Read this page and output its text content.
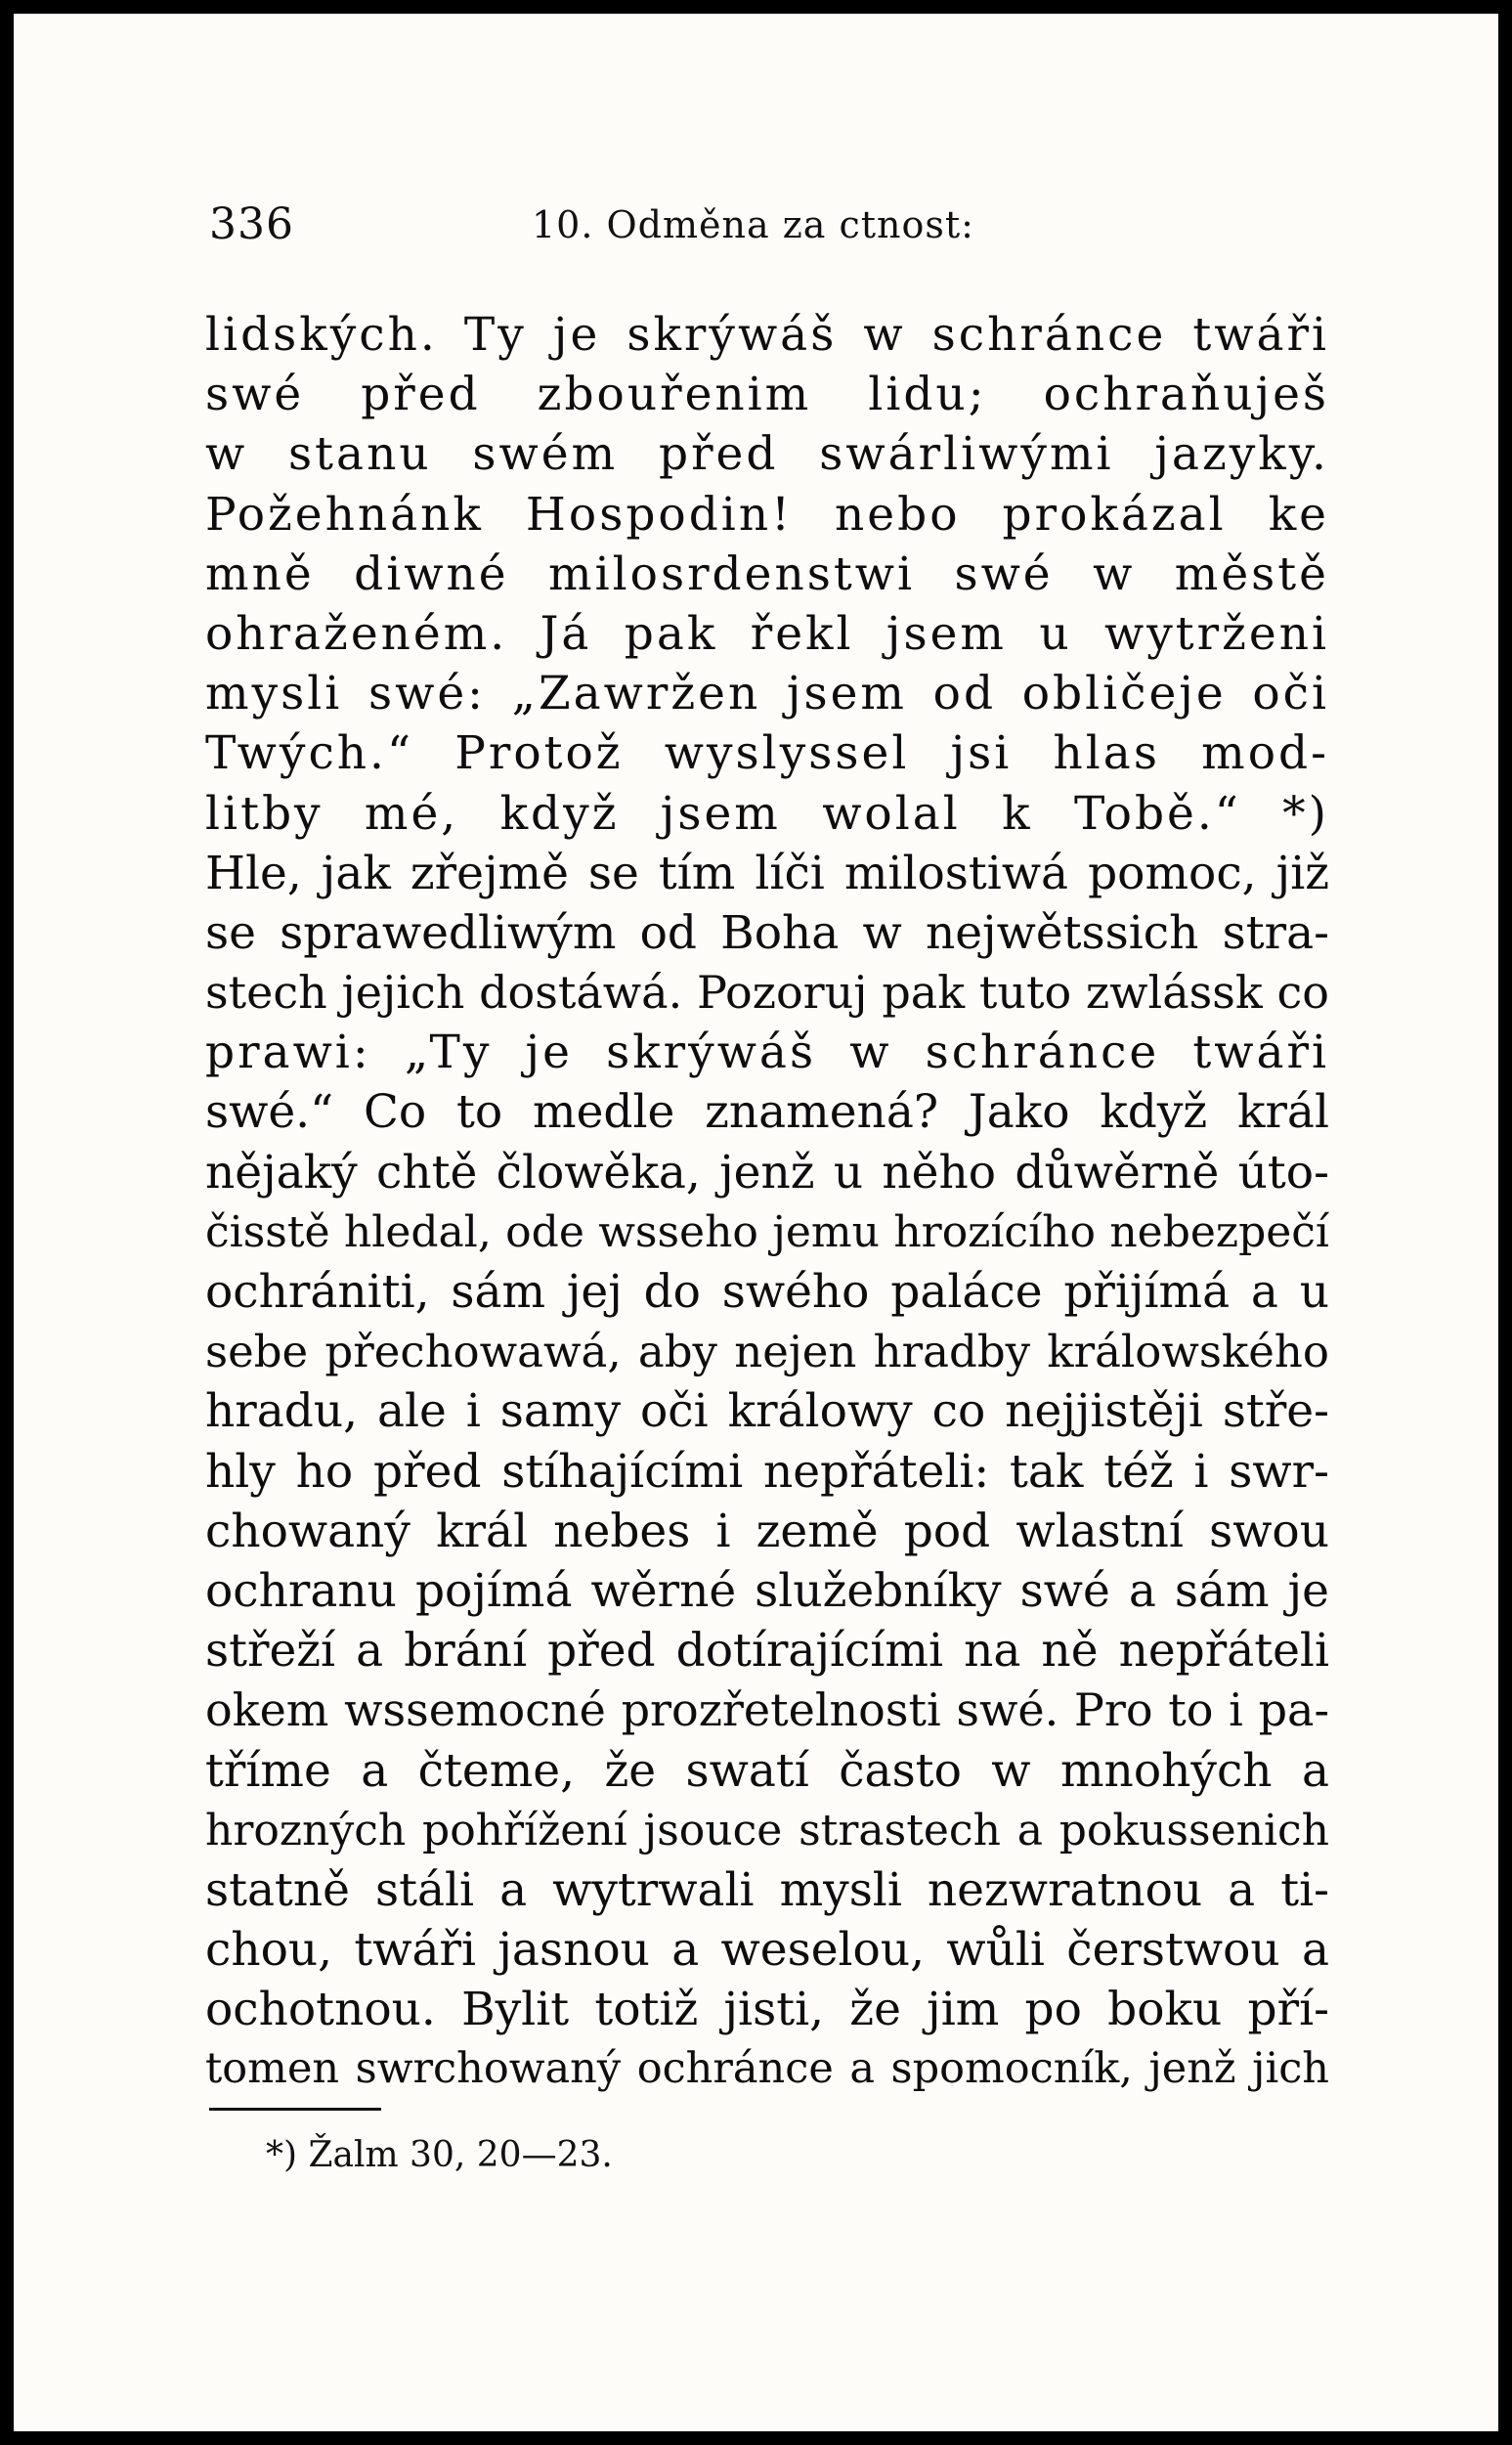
336	10. Odměna za ctnost:
lidských. Ty je skrýwáš w schránce twáři
swé před zbouřenim lidu; ochraňuješ
w stanu swém před swárliwými jazyky.
Požehnánk Hospodin! nebo prokázal ke
mně diwné milosrdenstwi swé w městě
ohraženém. Já pak řekl jsem u wytrženi
mysli swé: „Zawržen jsem od obličeje oči
Twých.“ Protož wyslyssel jsi hlas mod-
litby mé, když jsem wolal k Tobě.“ *)
Hle, jak zřejmě se tím líči milostiwá pomoc, již
se sprawedliwým od Boha w nejwětssich stra-
stech jejich dostáwá. Pozoruj pak tuto zwlássk co
prawi: „Ty je skrýwáš w schránce twáři
swé.“ Co to medle znamená? Jako když král
nějaký chtě člowěka, jenž u něho důwěrně úto-
čisstě hledal, ode wsseho jemu hrozícího nebezpečí
ochrániti, sám jej do swého paláce přijímá a u
sebe přechowawá, aby nejen hradby králowského
hradu, ale i samy oči králowy co nejjistěji stře-
hly ho před stíhajícími nepřáteli: tak též i swr-
chowaný král nebes i země pod wlastní swou
ochranu pojímá wěrné služebníky swé a sám je
střeží a brání před dotírajícími na ně nepřáteli
okem wssemocné prozřetelnosti swé. Pro to i pa-
tříme a čteme, že swatí často w mnohých a
hrozných pohřížení jsouce strastech a pokussenich
statně stáli a wytrwali mysli nezwratnou a ti-
chou, twáři jasnou a weselou, wůli čerstwou a
ochotnou. Bylit totiž jisti, že jim po boku pří-
tomen swrchowaný ochránce a spomocník, jenž jich
*) Žalm 30, 20—23.
